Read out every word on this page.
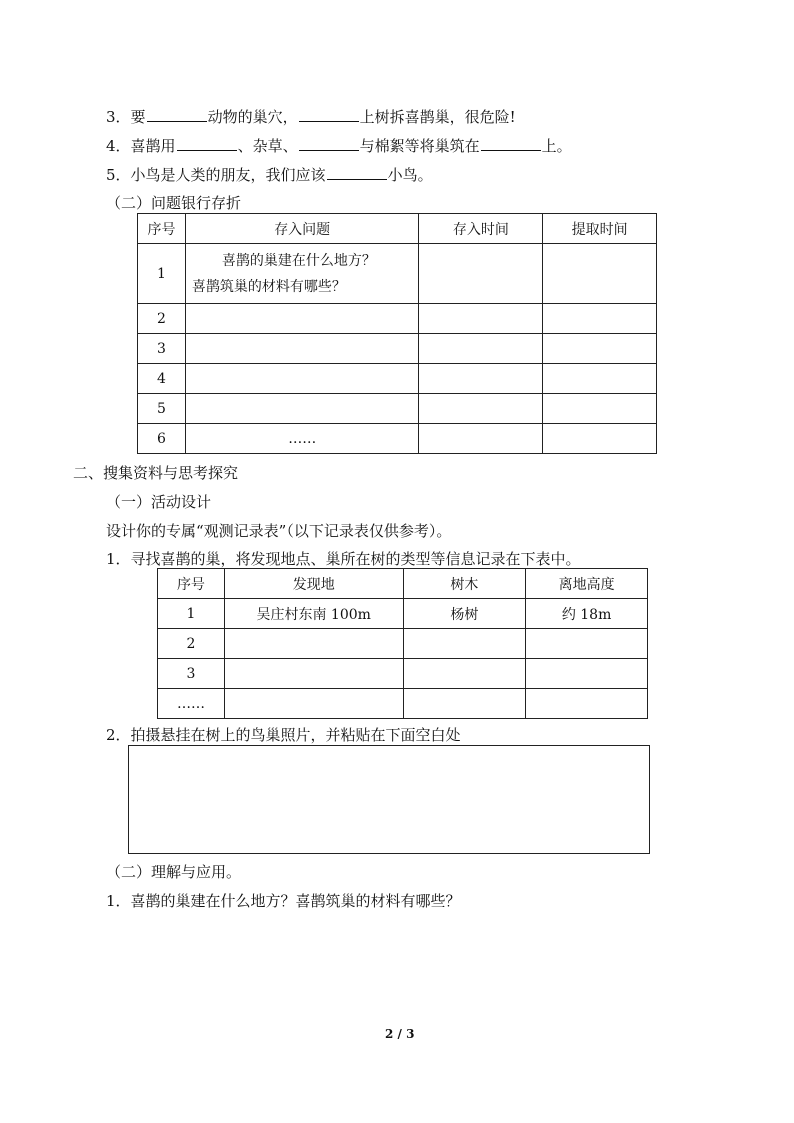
3．要	动物的巢穴，	上树拆喜鹊巢，很危险!
4．喜鹊用	、杂草、	与棉絮等将巢筑在	上。
5．小鸟是人类的朋友，我们应该	小鸟。
（二）问题银行存折
序号	存入问题	存入时间	提取时间
1	喜鹊的巢建在什么地方？
喜鹊筑巢的材料有哪些？		

2			
3			
4			
5			
6	……		
二、搜集资料与思考探究
（一）活动设计
设计你的专属“观测记录表”（以下记录表仅供参考）。
1．寻找喜鹊的巢，将发现地点、巢所在树的类型等信息记录在下表中。
序号	发现地	树木	离地高度
1	吴庄村东南 100m	杨树	约 18m
2			
3			
……			
2．拍摄悬挂在树上的鸟巢照片，并粘贴在下面空白处
（二）理解与应用。
1．喜鹊的巢建在什么地方？喜鹊筑巢的材料有哪些？
2 / 3
